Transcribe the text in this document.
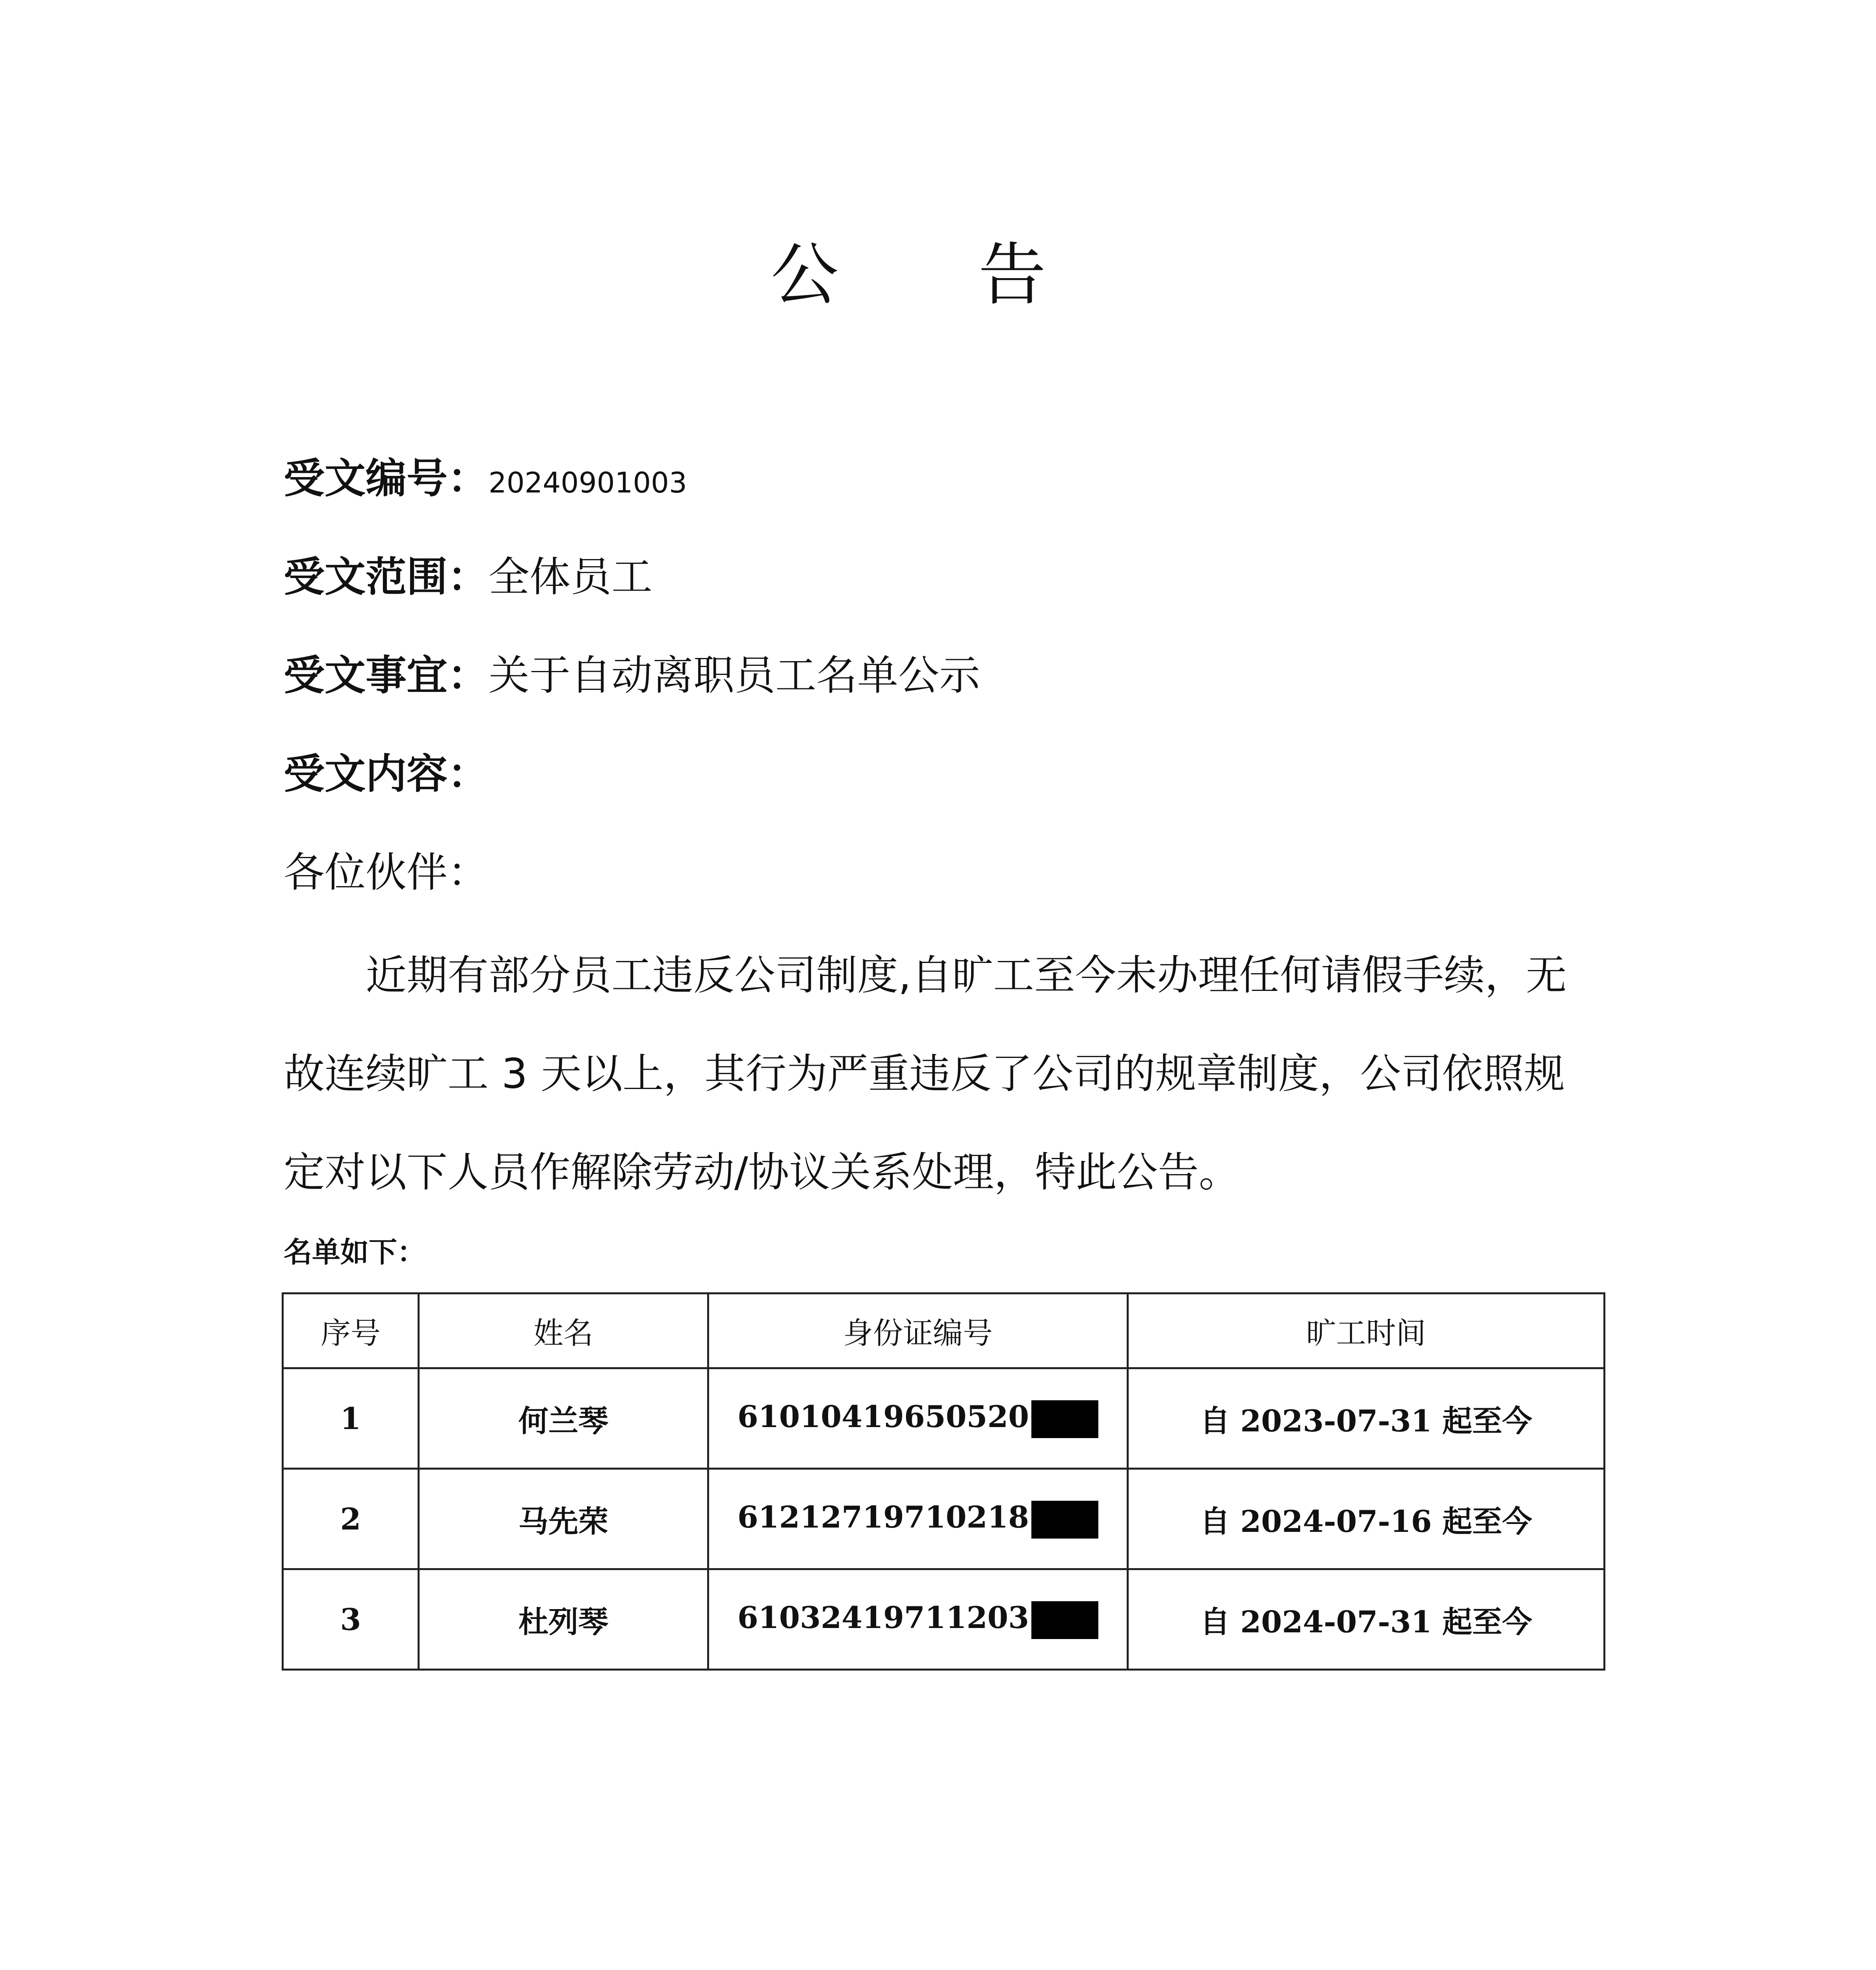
公 告
受文编号：20240901003
受文范围：全体员工
受文事宜：关于自动离职员工名单公示
受文内容：
各位伙伴：
近期有部分员工违反公司制度,自旷工至今未办理任何请假手续，无故连续旷工 3 天以上，其行为严重违反了公司的规章制度，公司依照规定对以下人员作解除劳动/协议关系处理，特此公告。
名单如下：
序号	姓名	身份证编号	旷工时间
1	何兰琴	61010419650520	自 2023-07-31 起至今
2	马先荣	61212719710218	自 2024-07-16 起至今
3	杜列琴	61032419711203	自 2024-07-31 起至今
